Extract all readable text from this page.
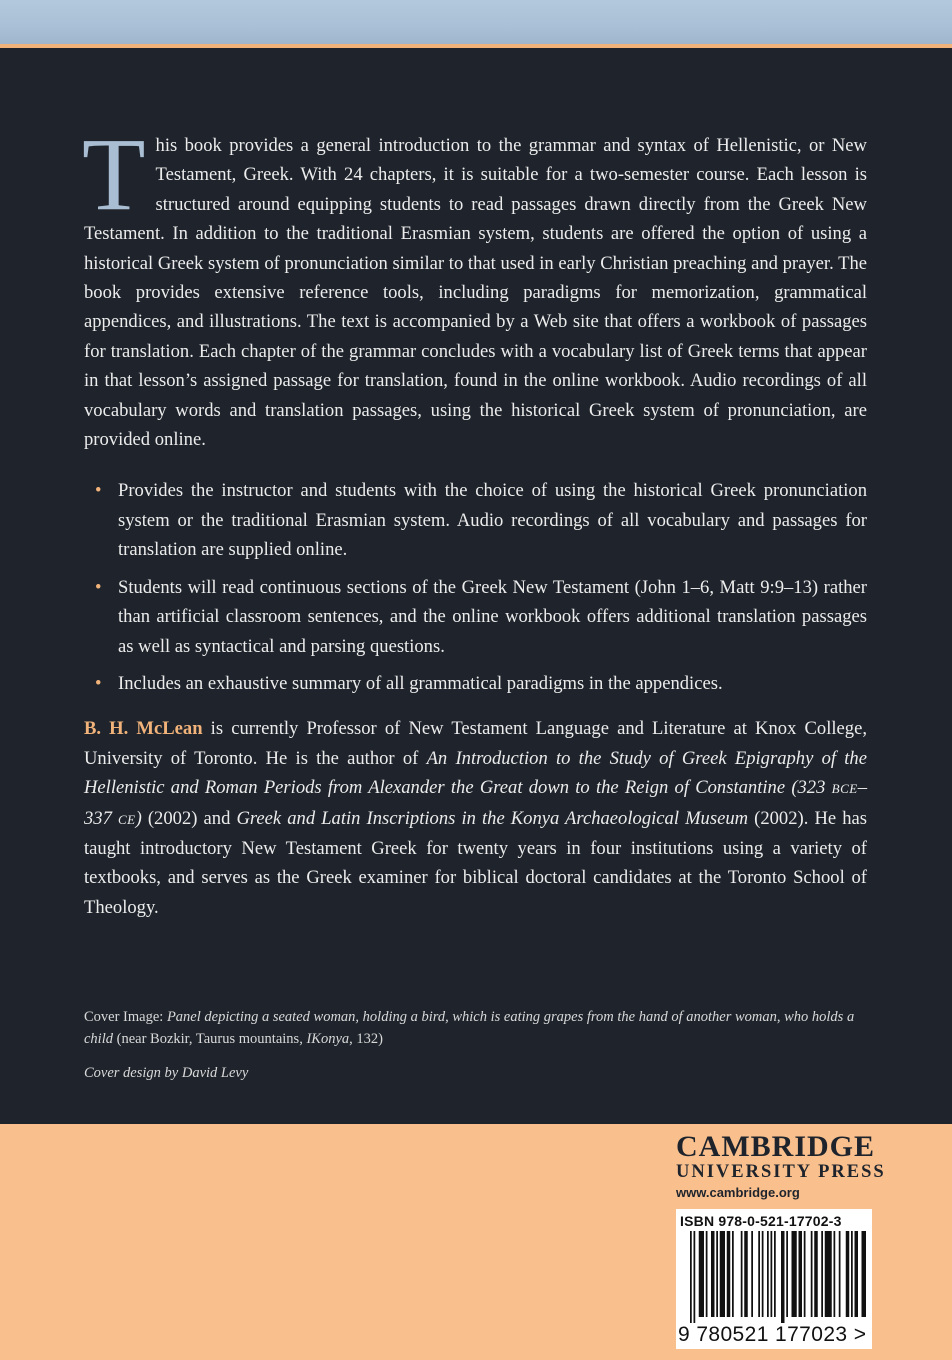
This book provides a general introduction to the grammar and syntax of Hellenistic, or New Testament, Greek. With 24 chapters, it is suitable for a two-semester course. Each lesson is structured around equipping students to read passages drawn directly from the Greek New Testament. In addition to the traditional Erasmian system, students are offered the option of using a historical Greek system of pronunciation similar to that used in early Christian preaching and prayer. The book provides extensive reference tools, including paradigms for memorization, grammatical appendices, and illustrations. The text is accompanied by a Web site that offers a workbook of passages for translation. Each chapter of the grammar concludes with a vocabulary list of Greek terms that appear in that lesson’s assigned passage for translation, found in the online workbook. Audio recordings of all vocabulary words and translation passages, using the historical Greek system of pronunciation, are provided online.

• Provides the instructor and students with the choice of using the historical Greek pronunciation system or the traditional Erasmian system. Audio recordings of all vocabulary and passages for translation are supplied online.
• Students will read continuous sections of the Greek New Testament (John 1–6, Matt 9:9–13) rather than artificial classroom sentences, and the online workbook offers additional translation passages as well as syntactical and parsing questions.
• Includes an exhaustive summary of all grammatical paradigms in the appendices.

B. H. McLean is currently Professor of New Testament Language and Literature at Knox College, University of Toronto. He is the author of An Introduction to the Study of Greek Epigraphy of the Hellenistic and Roman Periods from Alexander the Great down to the Reign of Constantine (323 BCE–337 CE) (2002) and Greek and Latin Inscriptions in the Konya Archaeological Museum (2002). He has taught introductory New Testament Greek for twenty years in four institutions using a variety of textbooks, and serves as the Greek examiner for biblical doctoral candidates at the Toronto School of Theology.

Cover Image: Panel depicting a seated woman, holding a bird, which is eating grapes from the hand of another woman, who holds a child (near Bozkir, Taurus mountains, IKonya, 132)

Cover design by David Levy

CAMBRIDGE
UNIVERSITY PRESS
www.cambridge.org
ISBN 978-0-521-17702-3
9 780521 177023 >
